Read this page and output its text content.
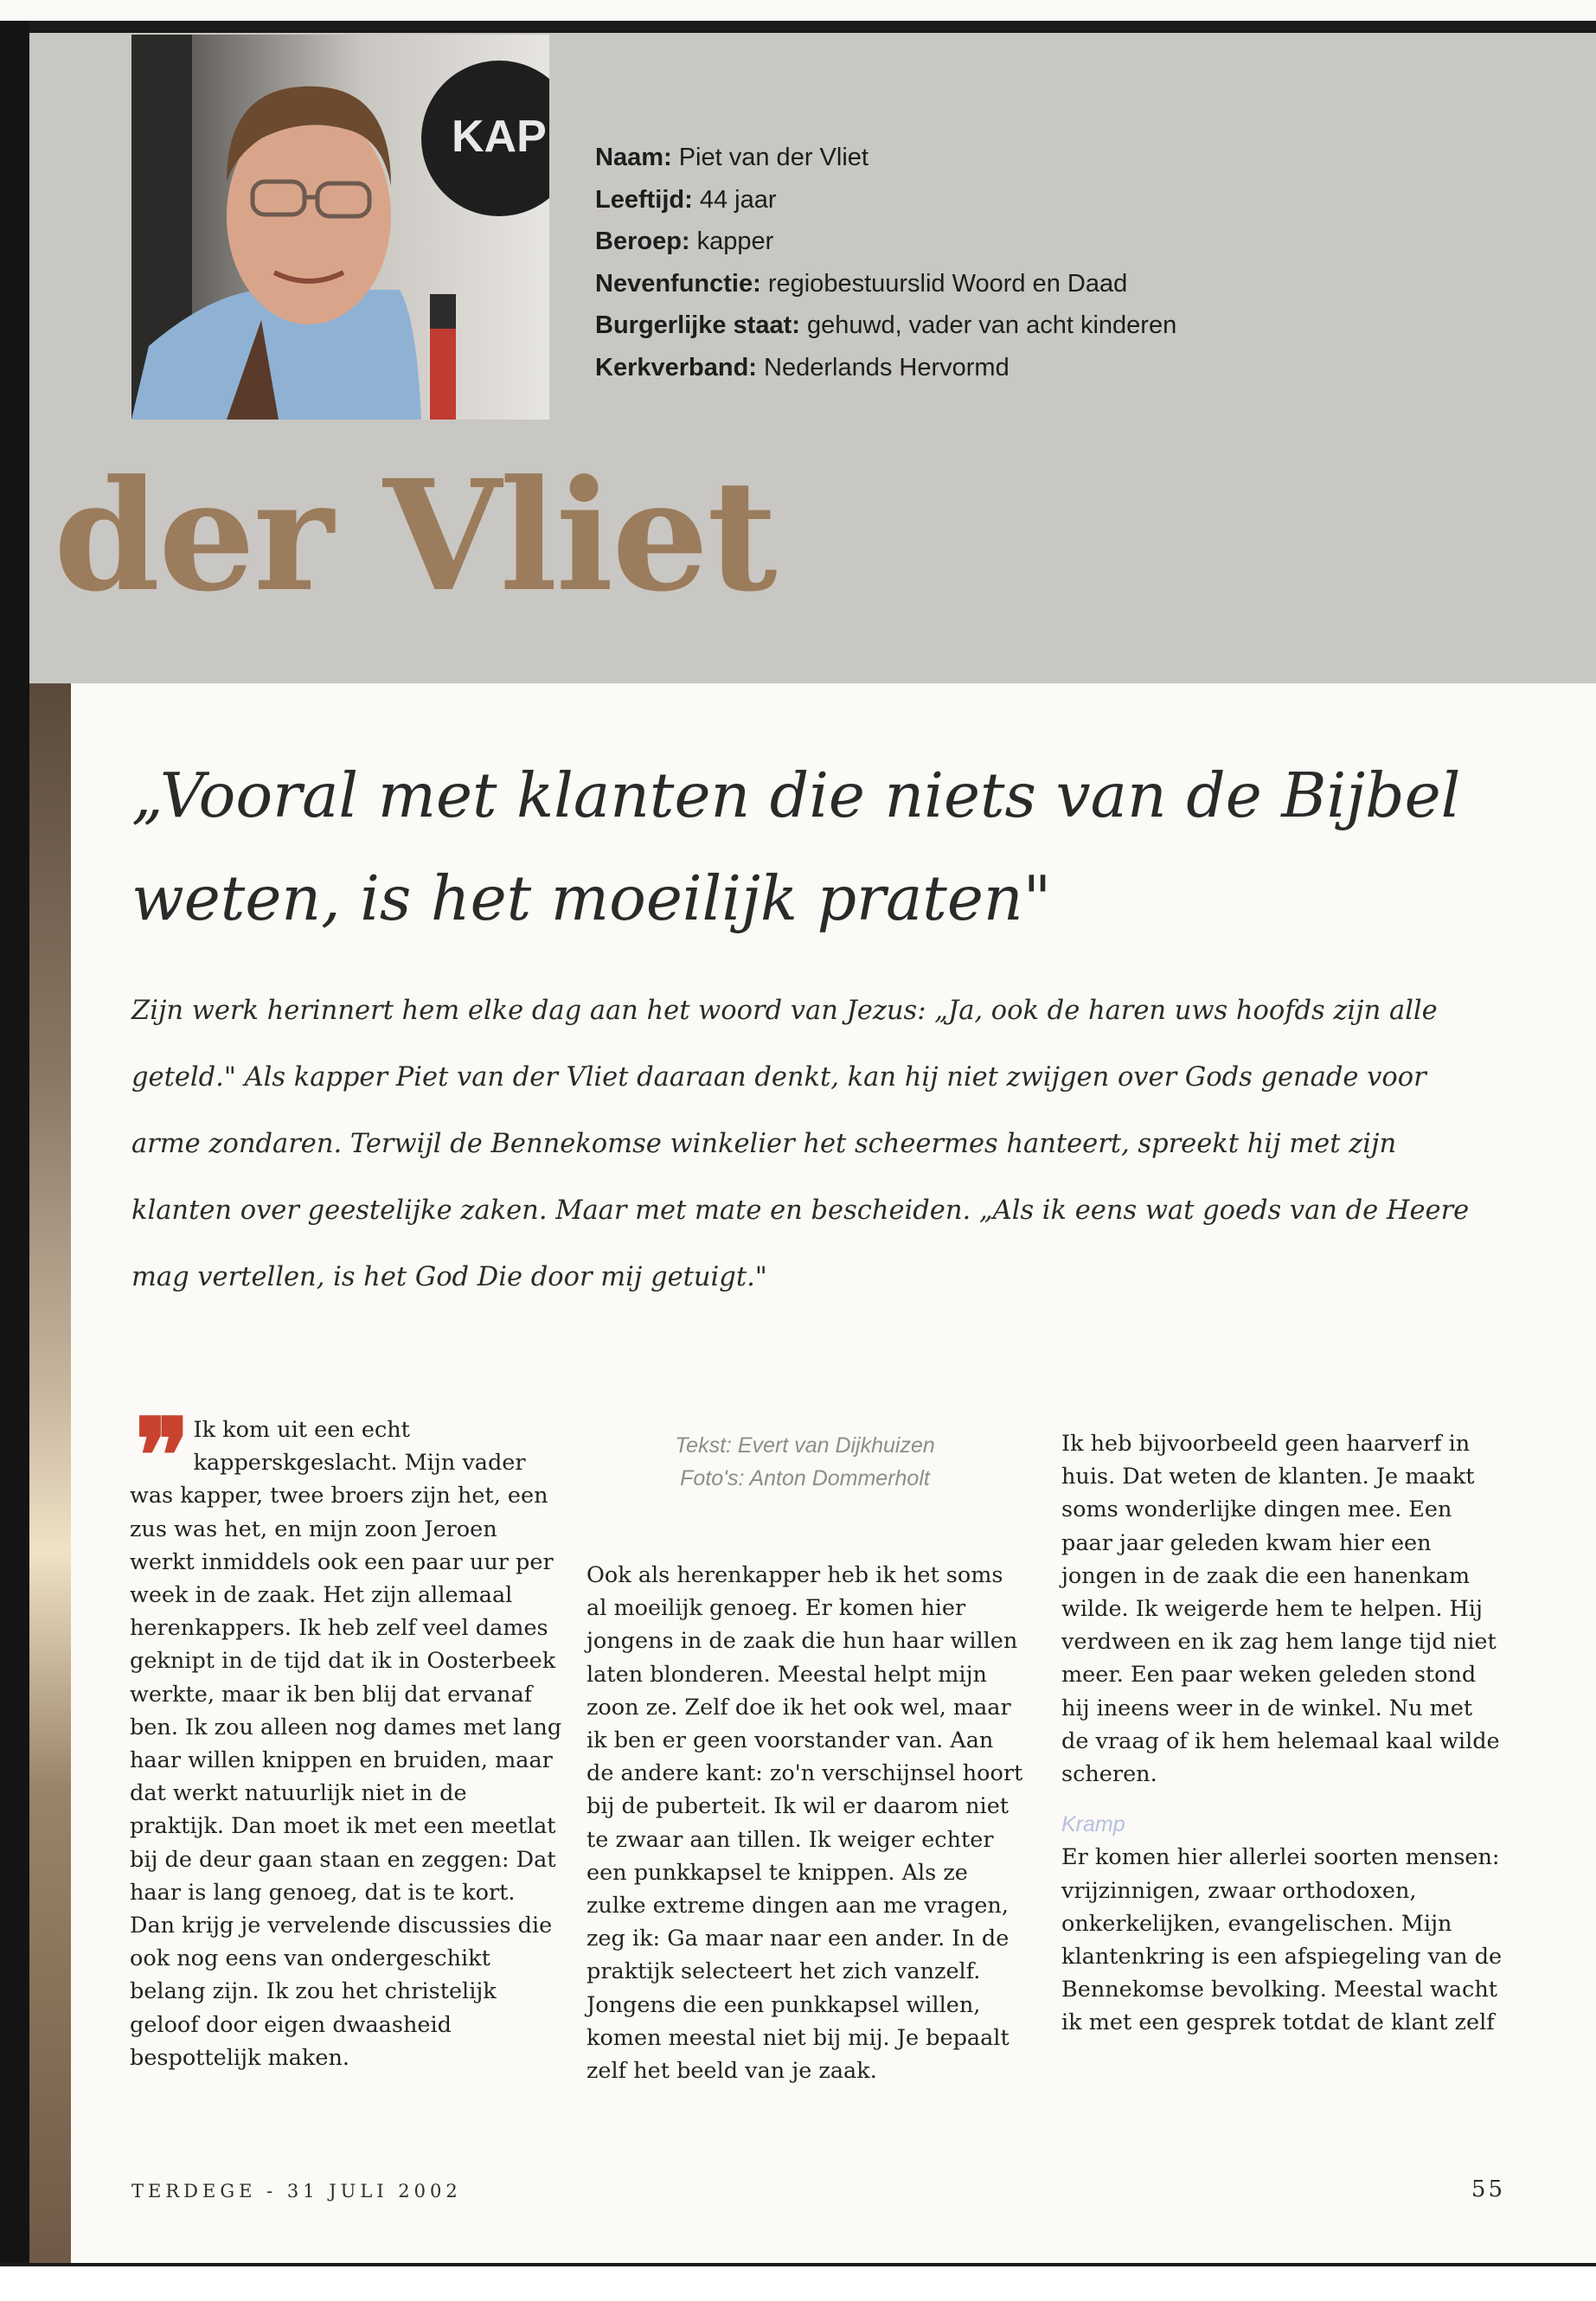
KAP Naam: Piet van der Vliet
Leeftijd: 44 jaar
Beroep: kapper
Nevenfunctie: regiobestuurslid Woord en Daad
Burgerlijke staat: gehuwd, vader van acht kinderen
Kerkverband: Nederlands Hervormd
der Vliet
„Vooral met klanten die niets van de Bijbel
weten, is het moeilijk praten"
Zijn werk herinnert hem elke dag aan het woord van Jezus: „Ja, ook de haren uws hoofds zijn alle geteld." Als kapper Piet van der Vliet daaraan denkt, kan hij niet zwijgen over Gods genade voor arme zondaren. Terwijl de Bennekomse winkelier het scheermes hanteert, spreekt hij met zijn klanten over geestelijke zaken. Maar met mate en bescheiden. „Als ik eens wat goeds van de Heere mag vertellen, is het God Die door mij getuigt."
❞ Ik kom uit een echt kapperskgeslacht. Mijn vader was kapper, twee broers zijn het, een zus was het, en mijn zoon Jeroen werkt inmiddels ook een paar uur per week in de zaak. Het zijn allemaal herenkappers. Ik heb zelf veel dames geknipt in de tijd dat ik in Oosterbeek werkte, maar ik ben blij dat ervanaf ben. Ik zou alleen nog dames met lang haar willen knippen en bruiden, maar dat werkt natuurlijk niet in de praktijk. Dan moet ik met een meetlat bij de deur gaan staan en zeggen: Dat haar is lang genoeg, dat is te kort. Dan krijg je vervelende discussies die ook nog eens van ondergeschikt belang zijn. Ik zou het christelijk geloof door eigen dwaasheid bespottelijk maken.

Tekst: Evert van Dijkhuizen
Foto's: Anton Dommerholt

Ook als herenkapper heb ik het soms al moeilijk genoeg. Er komen hier jongens in de zaak die hun haar willen laten blonderen. Meestal helpt mijn zoon ze. Zelf doe ik het ook wel, maar ik ben er geen voorstander van. Aan de andere kant: zo'n verschijnsel hoort bij de puberteit. Ik wil er daarom niet te zwaar aan tillen. Ik weiger echter een punkkapsel te knippen. Als ze zulke extreme dingen aan me vragen, zeg ik: Ga maar naar een ander. In de praktijk selecteert het zich vanzelf. Jongens die een punkkapsel willen, komen meestal niet bij mij. Je bepaalt zelf het beeld van je zaak.

Ik heb bijvoorbeeld geen haarverf in huis. Dat weten de klanten. Je maakt soms wonderlijke dingen mee. Een paar jaar geleden kwam hier een jongen in de zaak die een hanenkam wilde. Ik weigerde hem te helpen. Hij verdween en ik zag hem lange tijd niet meer. Een paar weken geleden stond hij ineens weer in de winkel. Nu met de vraag of ik hem helemaal kaal wilde scheren.

Kramp

Er komen hier allerlei soorten mensen: vrijzinnigen, zwaar orthodoxen, onkerkelijken, evangelischen. Mijn klantenkring is een afspiegeling van de Bennekomse bevolking. Meestal wacht ik met een gesprek totdat de klant zelf

TERDEGE - 31 JULI 2002	55
